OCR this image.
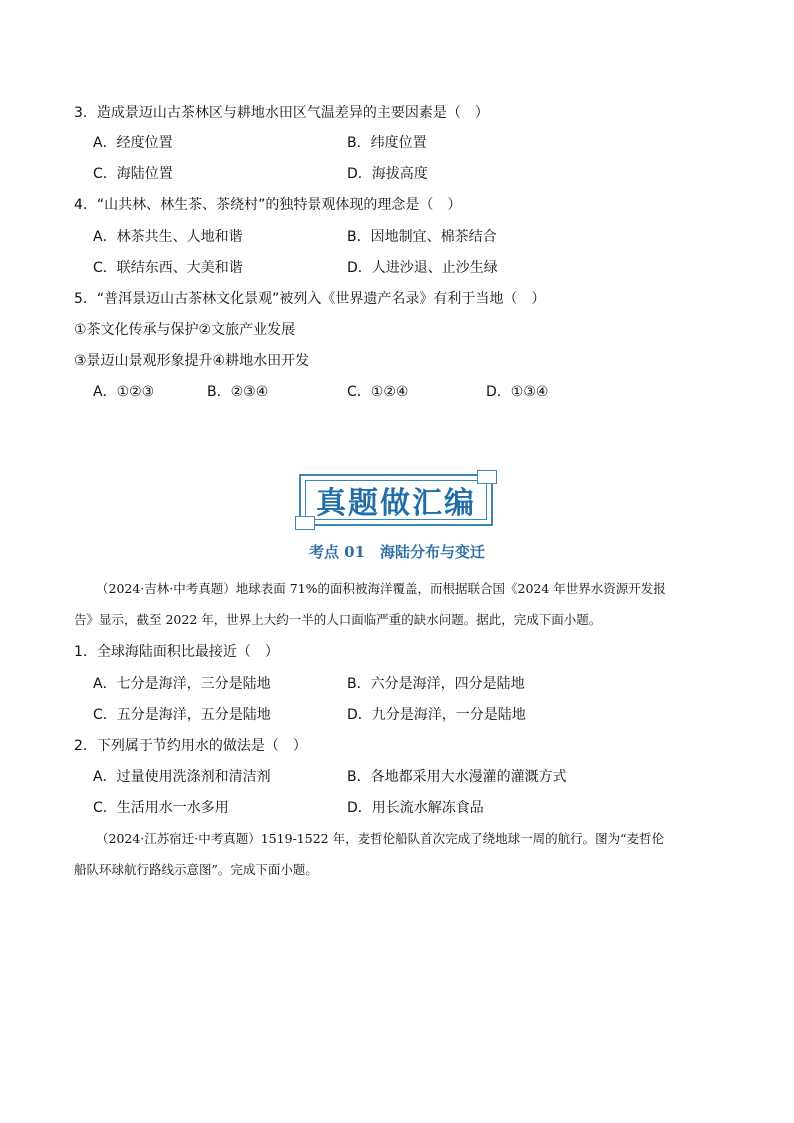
3．造成景迈山古茶林区与耕地水田区气温差异的主要因素是（　）
A．经度位置	B．纬度位置
C．海陆位置	D．海拔高度
4．“山共林、林生茶、茶绕村”的独特景观体现的理念是（　）
A．林茶共生、人地和谐	B．因地制宜、棉茶结合
C．联结东西、大美和谐	D．人进沙退、止沙生绿
5．“普洱景迈山古茶林文化景观”被列入《世界遗产名录》有利于当地（　）
①茶文化传承与保护②文旅产业发展
③景迈山景观形象提升④耕地水田开发
A．①②③	B．②③④	C．①②④	D．①③④
真题做汇编
考点 01　海陆分布与变迁
（2024·吉林·中考真题）地球表面 71%的面积被海洋覆盖，而根据联合国《2024 年世界水资源开发报
告》显示，截至 2022 年，世界上大约一半的人口面临严重的缺水问题。据此，完成下面小题。
1．全球海陆面积比最接近（　）
A．七分是海洋，三分是陆地	B．六分是海洋，四分是陆地
C．五分是海洋，五分是陆地	D．九分是海洋，一分是陆地
2．下列属于节约用水的做法是（　）
A．过量使用洗涤剂和清洁剂	B．各地都采用大水漫灌的灌溉方式
C．生活用水一水多用	D．用长流水解冻食品
（2024·江苏宿迁·中考真题）1519-1522 年，麦哲伦船队首次完成了绕地球一周的航行。图为“麦哲伦
船队环球航行路线示意图”。完成下面小题。
